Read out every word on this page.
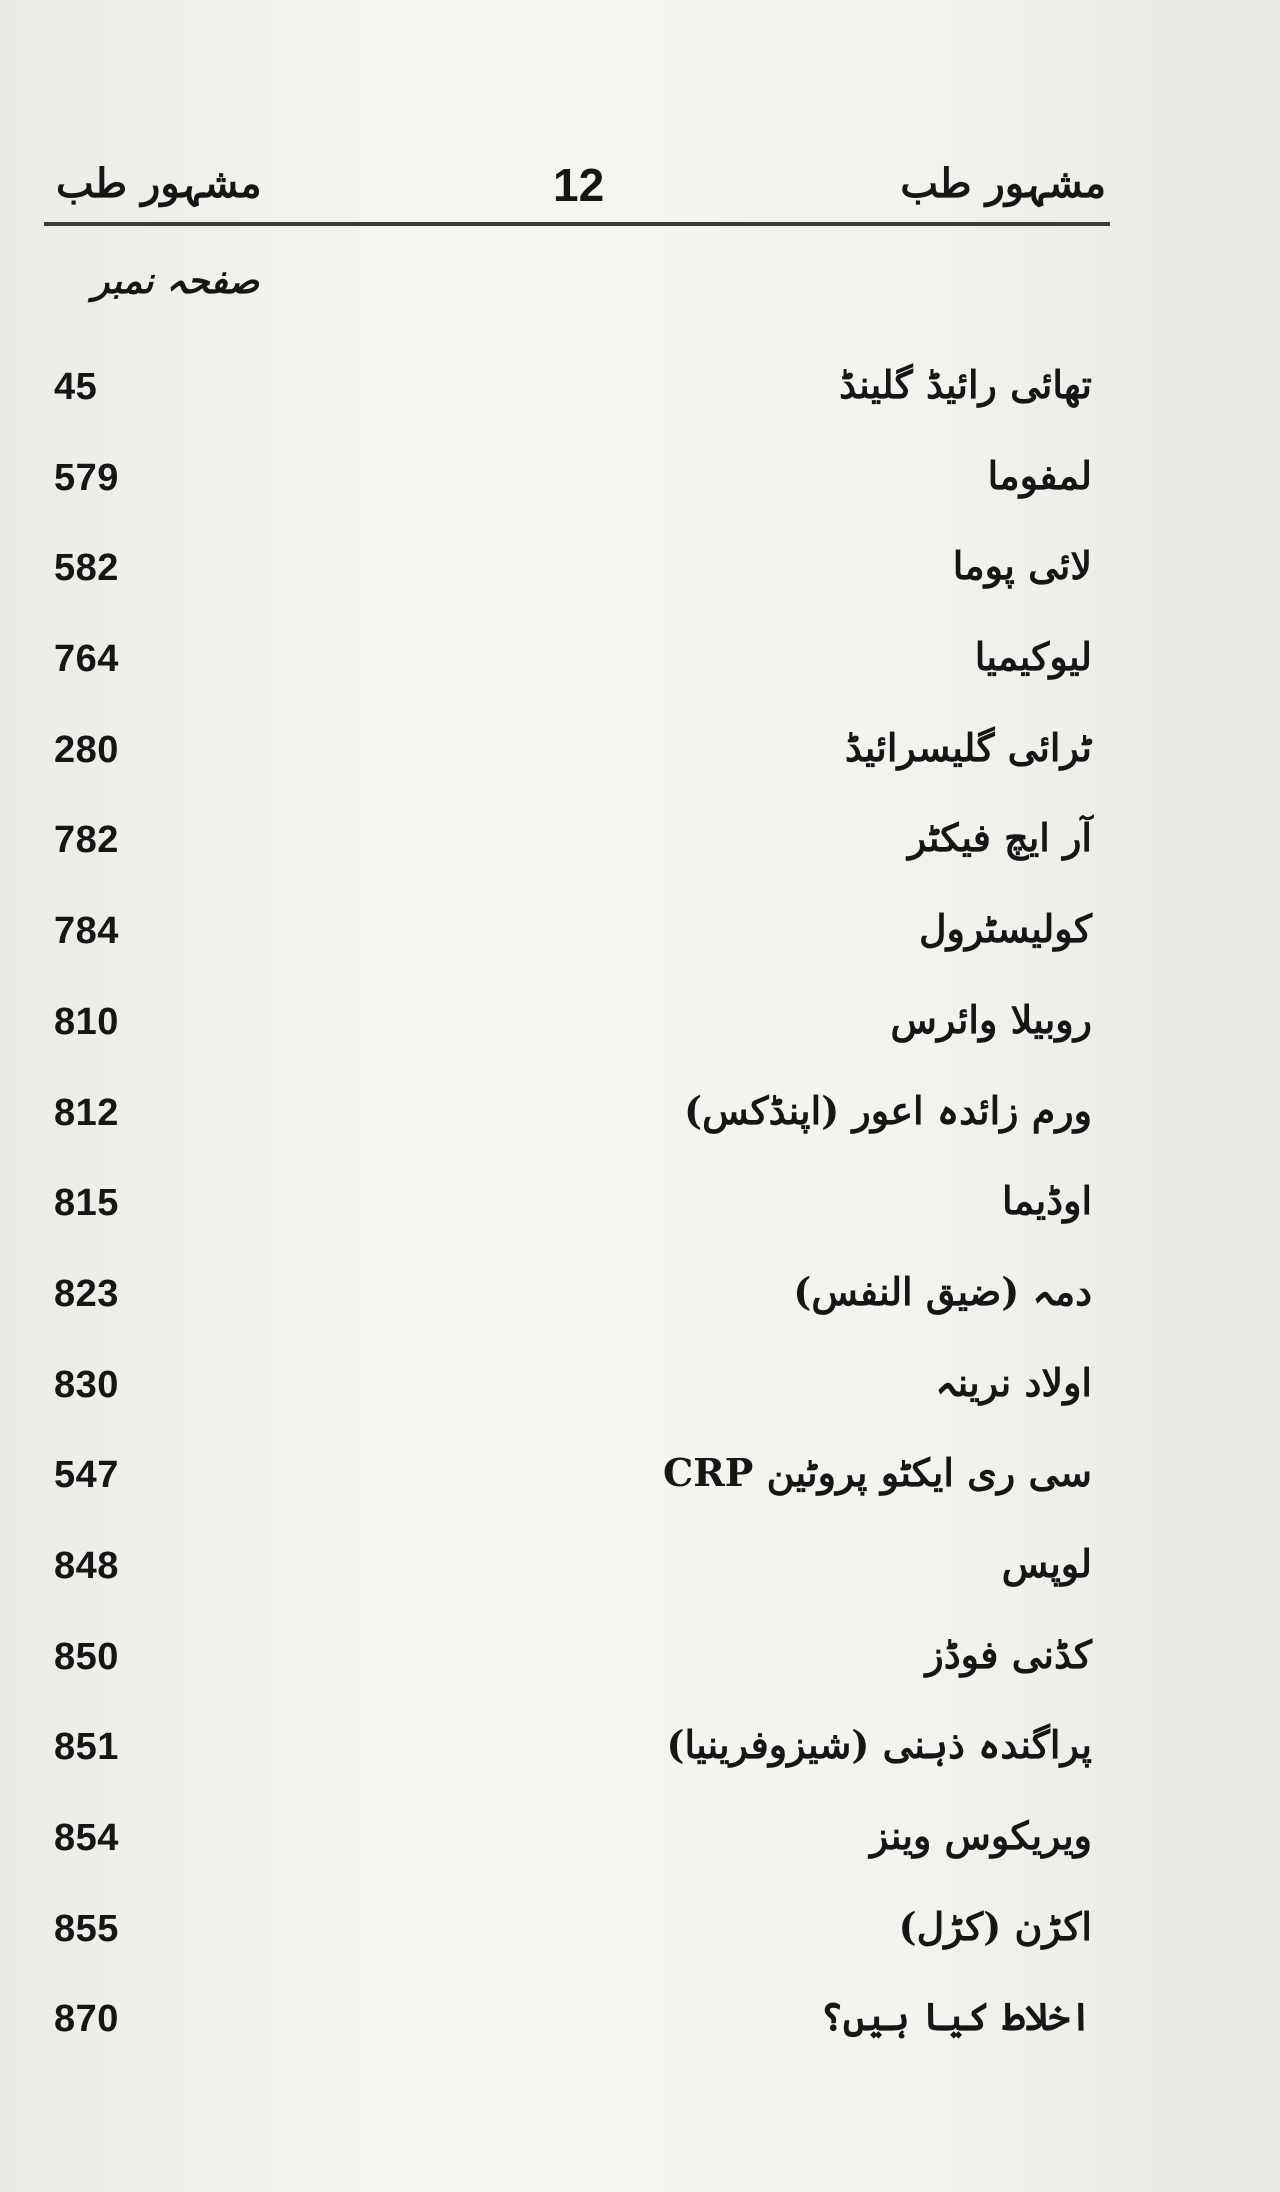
مشہور طب	12	مشہور طب
صفحہ نمبر
45	تھائی رائیڈ گلینڈ
579	لمفوما
582	لائی پوما
764	لیوکیمیا
280	ٹرائی گلیسرائیڈ
782	آر ایچ فیکٹر
784	کولیسٹرول
810	روبیلا وائرس
812	ورم زائدہ اعور (اپنڈکس)
815	اوڈیما
823	دمہ (ضیق النفس)
830	اولاد نرینہ
547	سی ری ایکٹو پروٹین CRP
848	لوپس
850	کڈنی فوڈز
851	پراگندہ ذہنی (شیزوفرینیا)
854	ویریکوس وینز
855	اکڑن (کڑل)
870	اخلاط کیا ہیں؟
